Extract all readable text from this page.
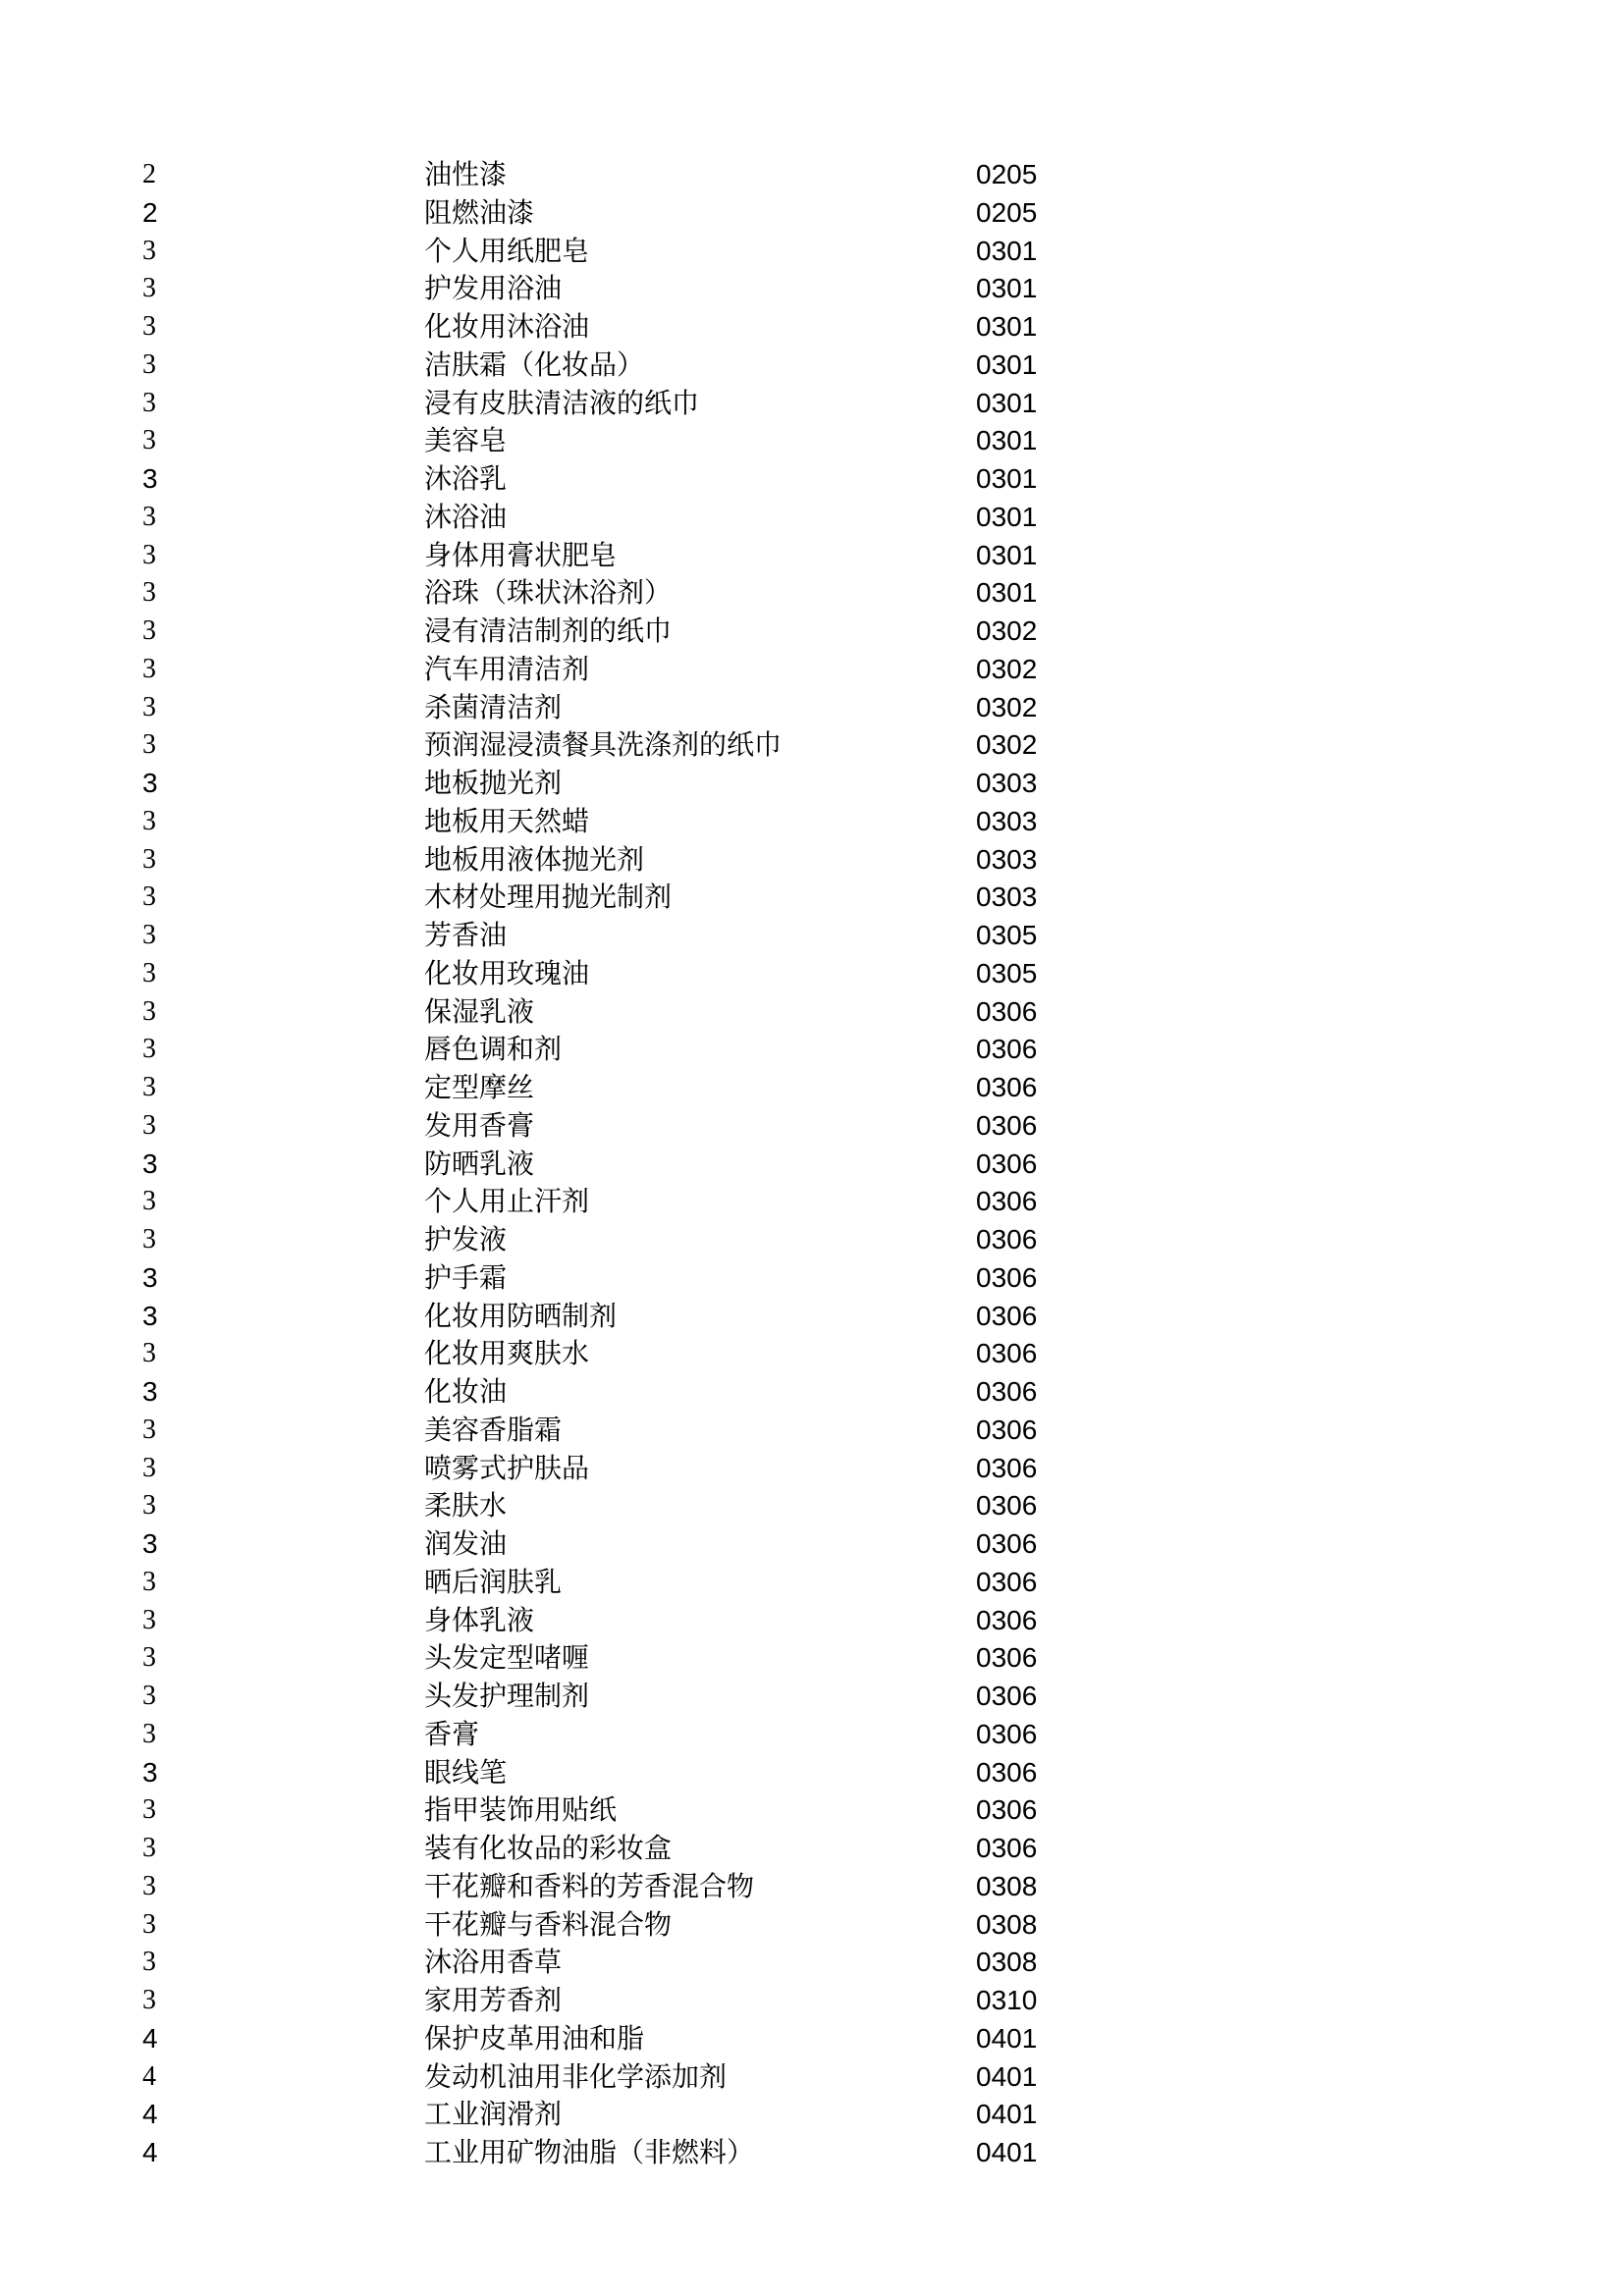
2	油性漆	0205
2	阻燃油漆	0205
3	个人用纸肥皂	0301
3	护发用浴油	0301
3	化妆用沐浴油	0301
3	洁肤霜（化妆品）	0301
3	浸有皮肤清洁液的纸巾	0301
3	美容皂	0301
3	沐浴乳	0301
3	沐浴油	0301
3	身体用膏状肥皂	0301
3	浴珠（珠状沐浴剂）	0301
3	浸有清洁制剂的纸巾	0302
3	汽车用清洁剂	0302
3	杀菌清洁剂	0302
3	预润湿浸渍餐具洗涤剂的纸巾	0302
3	地板抛光剂	0303
3	地板用天然蜡	0303
3	地板用液体抛光剂	0303
3	木材处理用抛光制剂	0303
3	芳香油	0305
3	化妆用玫瑰油	0305
3	保湿乳液	0306
3	唇色调和剂	0306
3	定型摩丝	0306
3	发用香膏	0306
3	防晒乳液	0306
3	个人用止汗剂	0306
3	护发液	0306
3	护手霜	0306
3	化妆用防晒制剂	0306
3	化妆用爽肤水	0306
3	化妆油	0306
3	美容香脂霜	0306
3	喷雾式护肤品	0306
3	柔肤水	0306
3	润发油	0306
3	晒后润肤乳	0306
3	身体乳液	0306
3	头发定型啫喱	0306
3	头发护理制剂	0306
3	香膏	0306
3	眼线笔	0306
3	指甲装饰用贴纸	0306
3	装有化妆品的彩妆盒	0306
3	干花瓣和香料的芳香混合物	0308
3	干花瓣与香料混合物	0308
3	沐浴用香草	0308
3	家用芳香剂	0310
4	保护皮革用油和脂	0401
4	发动机油用非化学添加剂	0401
4	工业润滑剂	0401
4	工业用矿物油脂（非燃料）	0401
